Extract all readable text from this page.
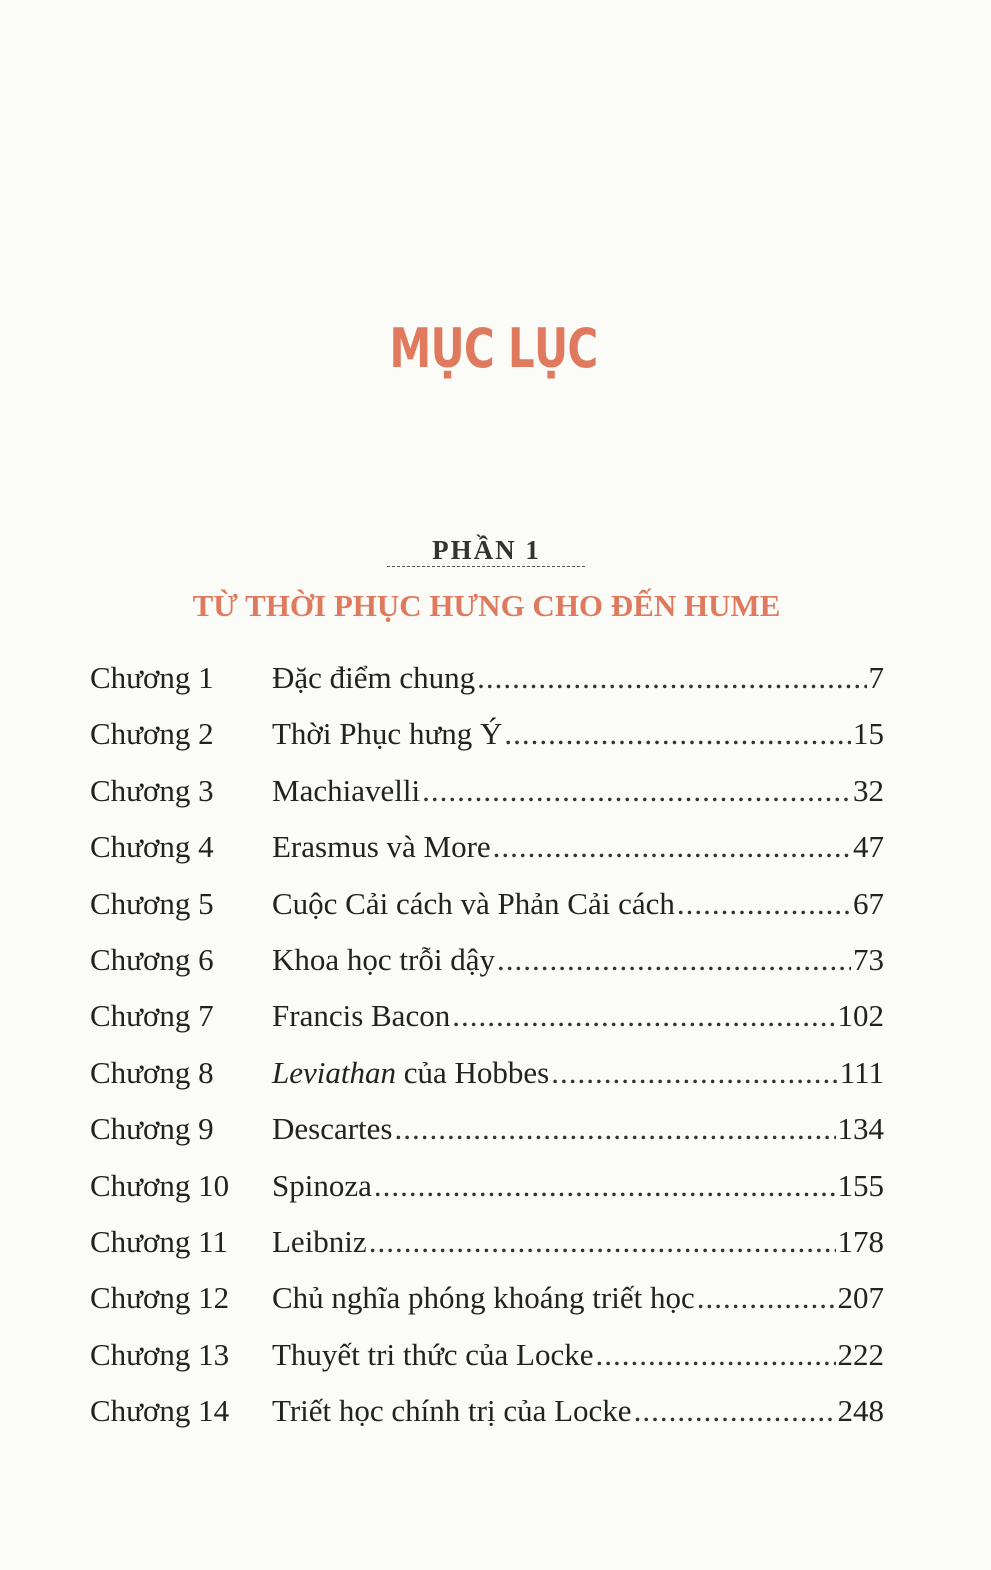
MỤC LỤC
PHẦN 1
TỪ THỜI PHỤC HƯNG CHO ĐẾN HUME
Chương 1	Đặc điểm chung .....	7
Chương 2	Thời Phục hưng Ý .....	15
Chương 3	Machiavelli .....	32
Chương 4	Erasmus và More .....	47
Chương 5	Cuộc Cải cách và Phản Cải cách .....	67
Chương 6	Khoa học trỗi dậy .....	73
Chương 7	Francis Bacon .....	102
Chương 8	Leviathan của Hobbes .....	111
Chương 9	Descartes .....	134
Chương 10	Spinoza .....	155
Chương 11	Leibniz .....	178
Chương 12	Chủ nghĩa phóng khoáng triết học .....	207
Chương 13	Thuyết tri thức của Locke .....	222
Chương 14	Triết học chính trị của Locke .....	248
